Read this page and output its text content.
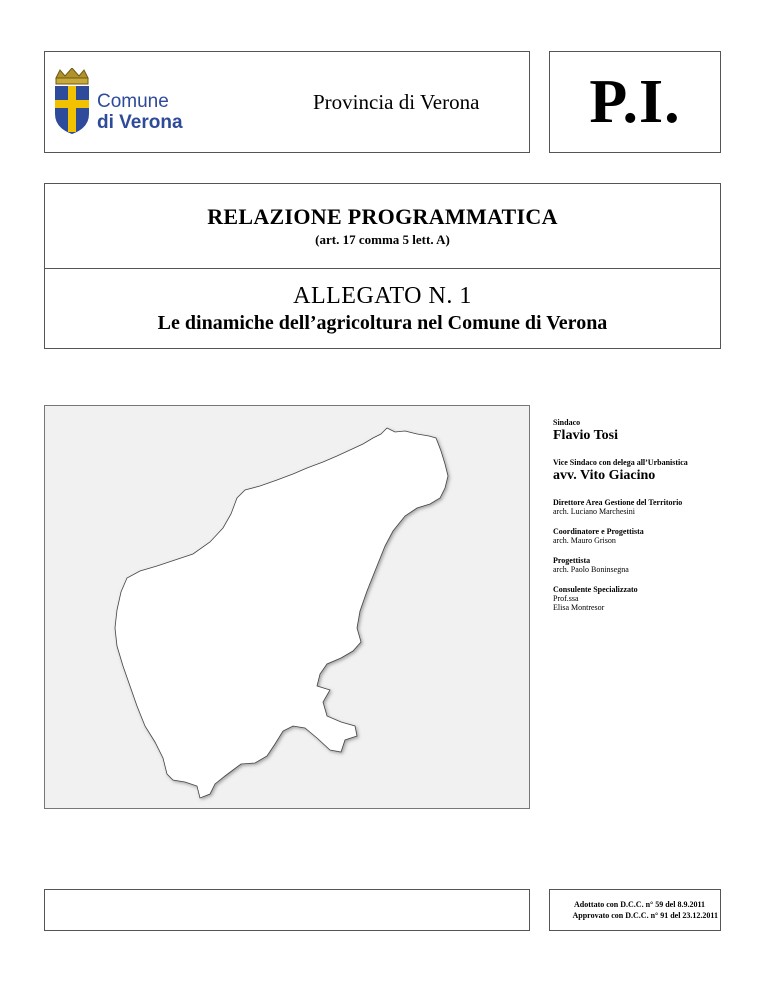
Comune
di Verona
Provincia di Verona P.I.
RELAZIONE PROGRAMMATICA
(art. 17 comma 5 lett. A)
ALLEGATO N. 1
Le dinamiche dell’agricoltura nel Comune di Verona
Sindaco
Flavio Tosi
Vice Sindaco con delega all’Urbanistica
avv. Vito Giacino
Direttore Area Gestione del Territorio
arch. Luciano Marchesini
Coordinatore e Progettista
arch. Mauro Grison
Progettista
arch. Paolo Boninsegna
Consulente Specializzato
Prof.ssa
Elisa Montresor
Adottato con D.C.C. n° 59 del 8.9.2011
Approvato con D.C.C. n° 91 del 23.12.2011
